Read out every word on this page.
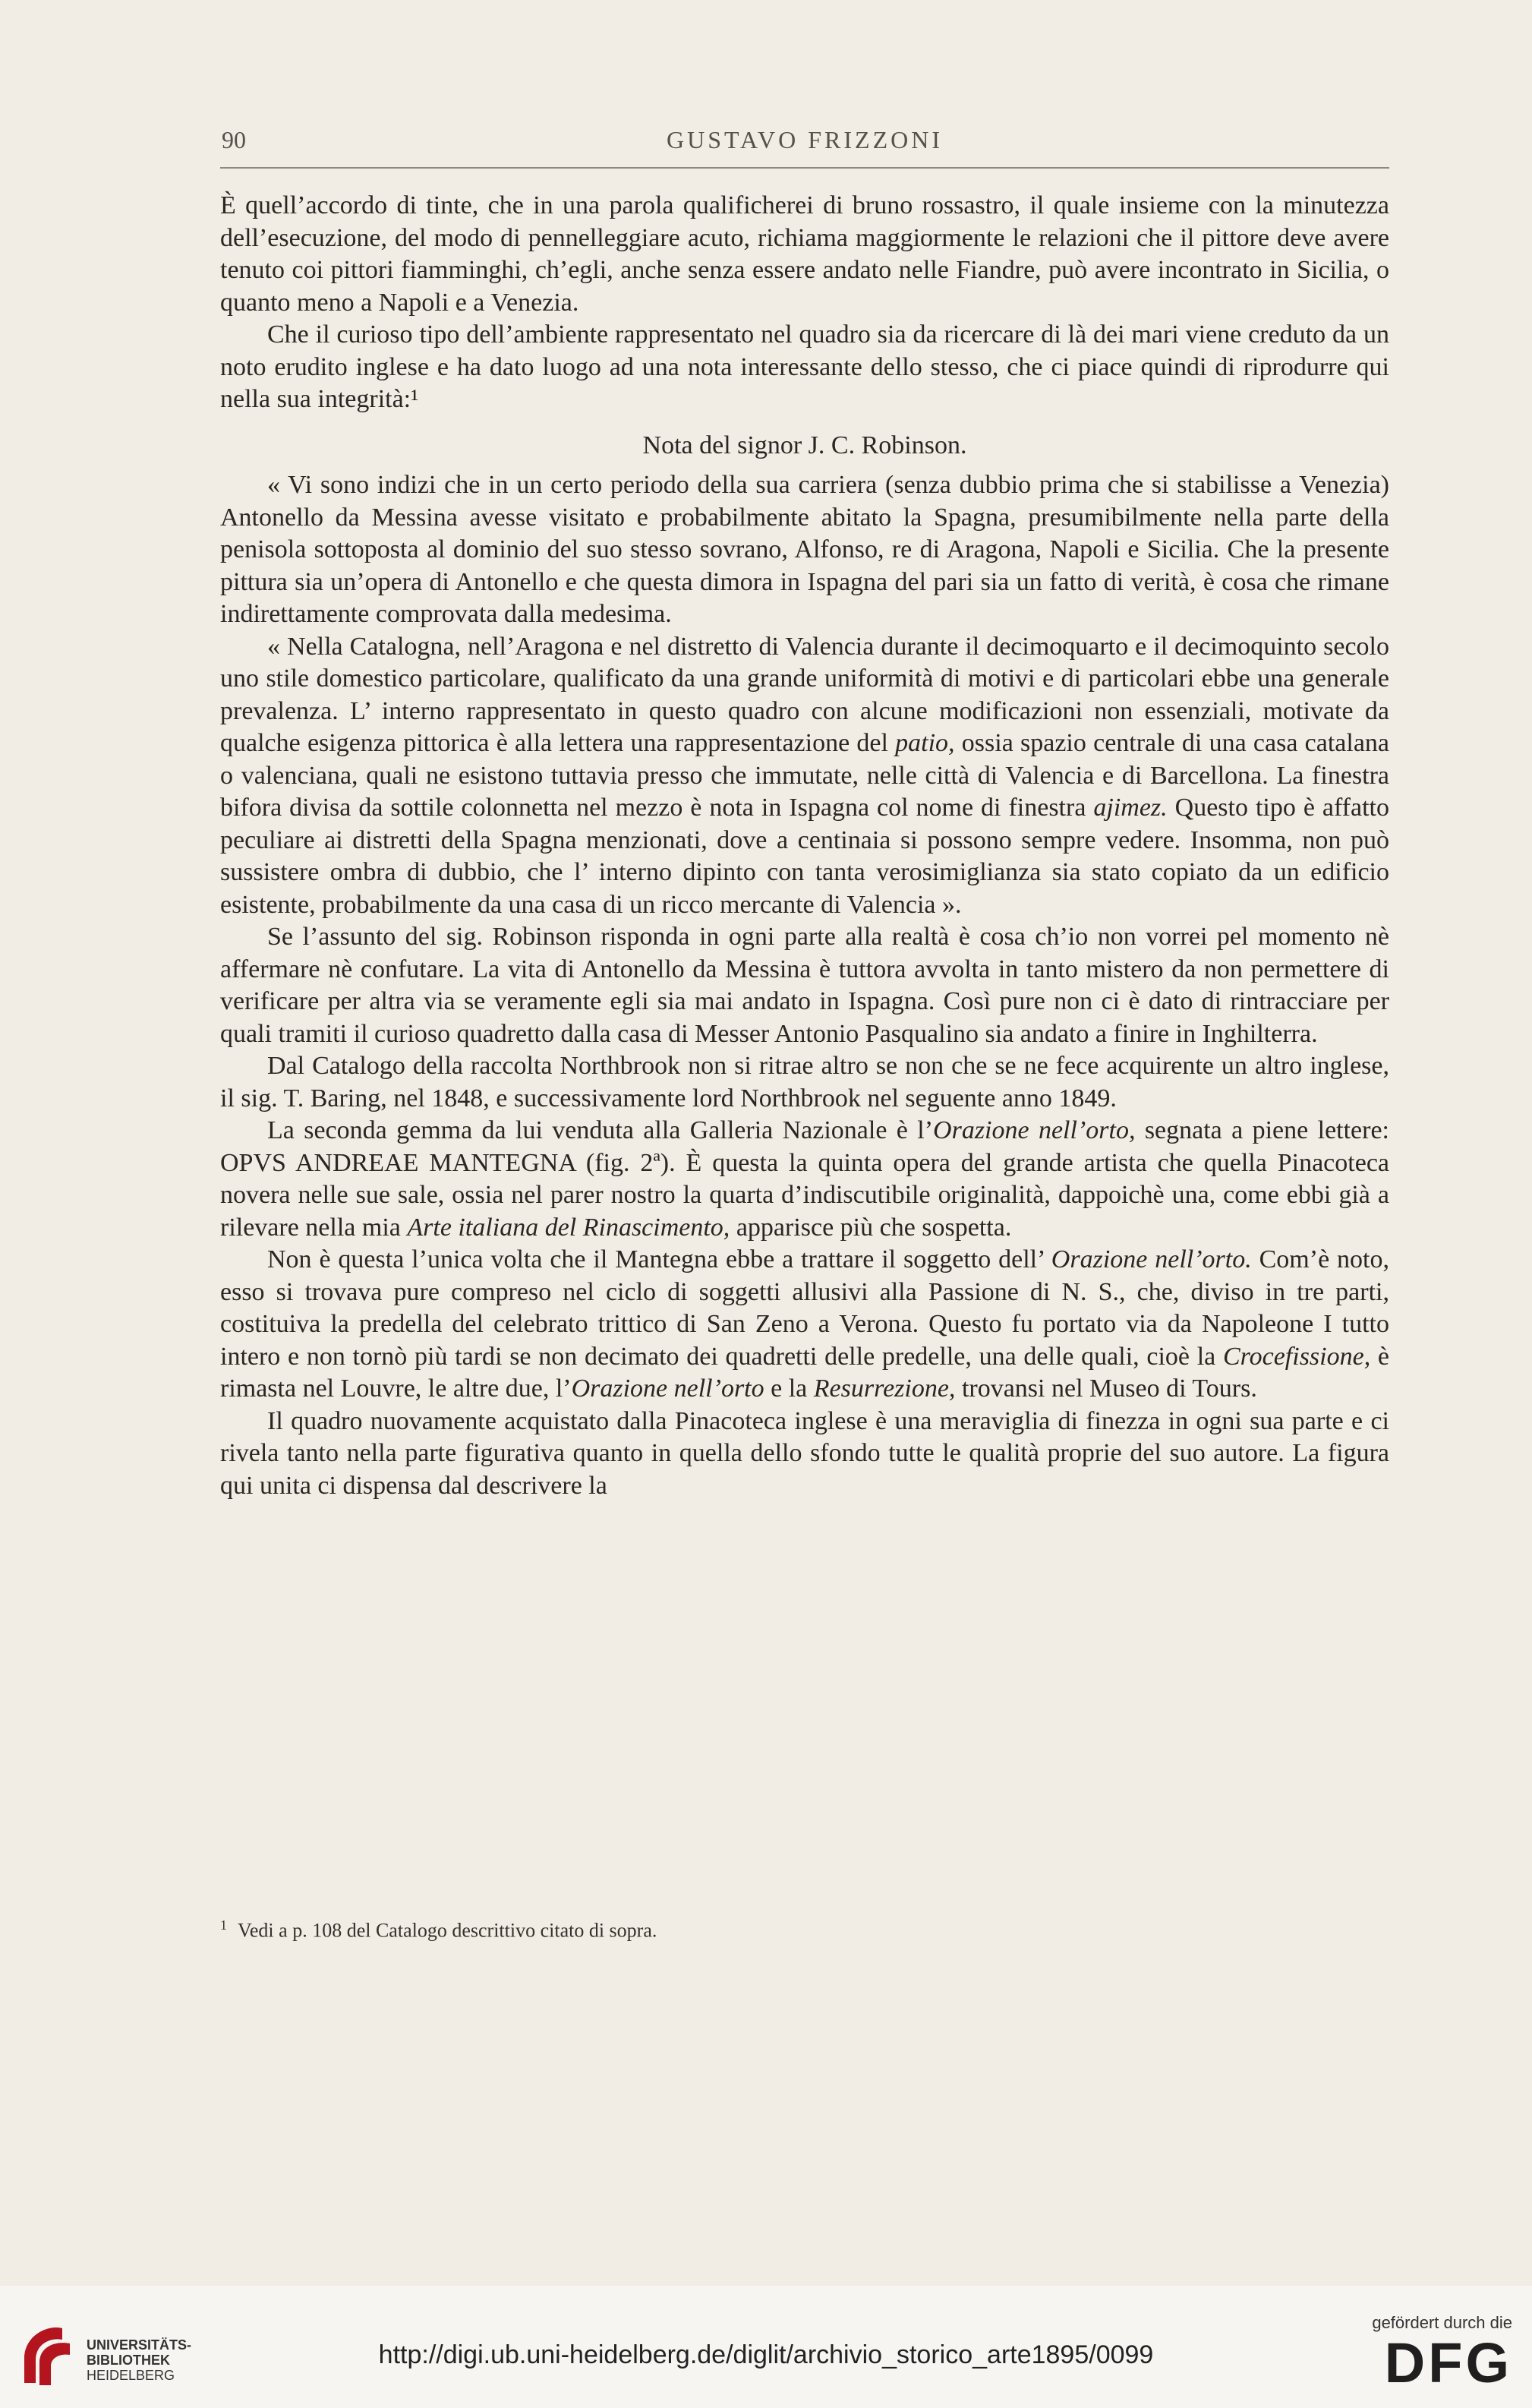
90	GUSTAVO FRIZZONI

È quell’accordo di tinte, che in una parola qualificherei di bruno rossastro, il quale insieme con la minutezza dell’esecuzione, del modo di pennelleggiare acuto, richiama maggiormente le relazioni che il pittore deve avere tenuto coi pittori fiamminghi, ch’egli, anche senza essere andato nelle Fiandre, può avere incontrato in Sicilia, o quanto meno a Napoli e a Venezia.

Che il curioso tipo dell’ambiente rappresentato nel quadro sia da ricercare di là dei mari viene creduto da un noto erudito inglese e ha dato luogo ad una nota interessante dello stesso, che ci piace quindi di riprodurre qui nella sua integrità:¹

Nota del signor J. C. Robinson.

« Vi sono indizi che in un certo periodo della sua carriera (senza dubbio prima che si stabilisse a Venezia) Antonello da Messina avesse visitato e probabilmente abitato la Spagna, presumibilmente nella parte della penisola sottoposta al dominio del suo stesso sovrano, Alfonso, re di Aragona, Napoli e Sicilia. Che la presente pittura sia un’opera di Antonello e che questa dimora in Ispagna del pari sia un fatto di verità, è cosa che rimane indirettamente comprovata dalla medesima.

« Nella Catalogna, nell’Aragona e nel distretto di Valencia durante il decimoquarto e il decimoquinto secolo uno stile domestico particolare, qualificato da una grande uniformità di motivi e di particolari ebbe una generale prevalenza. L’ interno rappresentato in questo quadro con alcune modificazioni non essenziali, motivate da qualche esigenza pittorica è alla lettera una rappresentazione del patio, ossia spazio centrale di una casa catalana o valenciana, quali ne esistono tuttavia presso che immutate, nelle città di Valencia e di Barcellona. La finestra bifora divisa da sottile colonnetta nel mezzo è nota in Ispagna col nome di finestra ajimez. Questo tipo è affatto peculiare ai distretti della Spagna menzionati, dove a centinaia si possono sempre vedere. Insomma, non può sussistere ombra di dubbio, che l’ interno dipinto con tanta verosimiglianza sia stato copiato da un edificio esistente, probabilmente da una casa di un ricco mercante di Valencia ».

Se l’assunto del sig. Robinson risponda in ogni parte alla realtà è cosa ch’io non vorrei pel momento nè affermare nè confutare. La vita di Antonello da Messina è tuttora avvolta in tanto mistero da non permettere di verificare per altra via se veramente egli sia mai andato in Ispagna. Così pure non ci è dato di rintracciare per quali tramiti il curioso quadretto dalla casa di Messer Antonio Pasqualino sia andato a finire in Inghilterra.

Dal Catalogo della raccolta Northbrook non si ritrae altro se non che se ne fece acquirente un altro inglese, il sig. T. Baring, nel 1848, e successivamente lord Northbrook nel seguente anno 1849.

La seconda gemma da lui venduta alla Galleria Nazionale è l’Orazione nell’orto, segnata a piene lettere: OPVS ANDREAE MANTEGNA (fig. 2ª). È questa la quinta opera del grande artista che quella Pinacoteca novera nelle sue sale, ossia nel parer nostro la quarta d’indiscutibile originalità, dappoichè una, come ebbi già a rilevare nella mia Arte italiana del Rinascimento, apparisce più che sospetta.

Non è questa l’unica volta che il Mantegna ebbe a trattare il soggetto dell’ Orazione nell’orto. Com’è noto, esso si trovava pure compreso nel ciclo di soggetti allusivi alla Passione di N. S., che, diviso in tre parti, costituiva la predella del celebrato trittico di San Zeno a Verona. Questo fu portato via da Napoleone I tutto intero e non tornò più tardi se non decimato dei quadretti delle predelle, una delle quali, cioè la Crocefissione, è rimasta nel Louvre, le altre due, l’Orazione nell’orto e la Resurrezione, trovansi nel Museo di Tours.

Il quadro nuovamente acquistato dalla Pinacoteca inglese è una meraviglia di finezza in ogni sua parte e ci rivela tanto nella parte figurativa quanto in quella dello sfondo tutte le qualità proprie del suo autore. La figura qui unita ci dispensa dal descrivere la

$^1$ Vedi a p. 108 del Catalogo descrittivo citato di sopra.
UNIVERSITÄTS-
BIBLIOTHEK
HEIDELBERG
http://digi.ub.uni-heidelberg.de/diglit/archivio_storico_arte1895/0099
gefördert durch die
DFG
